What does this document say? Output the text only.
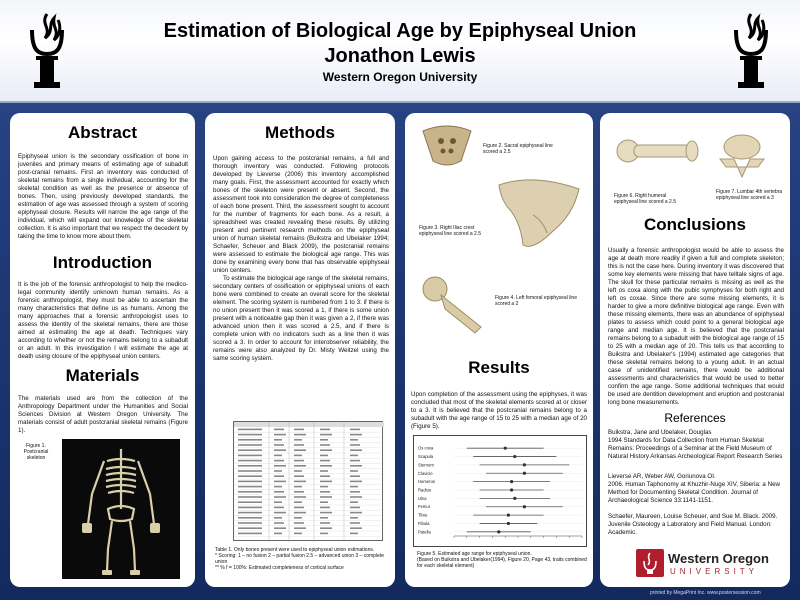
Estimation of Biological Age by Epiphyseal Union
Jonathon Lewis
Western Oregon University
Abstract
Epiphyseal union is the secondary ossification of bone in juveniles and primary means of estimating age of subadult post-cranial remains. First an inventory was conducted of skeletal remains from a single individual, accounting for the skeletal condition as well as the presence or absence of bones. Then, using previously developed standards, the estimation of age was assessed through a system of scoring epiphyseal closure. Results will narrow the age range of the individual, which will expand our knowledge of the skeletal collection. It is also important that we respect the decedent by taking the time to know more about them.
Introduction
It is the job of the forensic anthropologist to help the medico-legal community identify unknown human remains. As a forensic anthropologist, they must be able to ascertain the many characteristics that define us as humans. Among the many approaches that a forensic anthropologist uses to assess the identity of the skeletal remains, there are those aimed at estimating the age at death. Techniques vary according to whether or not the remains belong to a subadult or an adult. In this investigation I will estimate the age at death using closure of the epiphyseal union centers.
Materials
The materials used are from the collection of the Anthropology Department under the Humanities and Social Sciences Division at Western Oregon University. The materials consist of adult postcranial skeletal remains (Figure 1).
Figure 1. Postcranial skeleton
Methods
Upon gaining access to the postcranial remains, a full and thorough inventory was conducted. Following protocols developed by Lieverse (2006) this inventory accomplished many goals. First, the assessment accounted for exactly which bones of the skeleton were present or absent. Second, the assessment took into consideration the degree of completeness of each bone present. Third, the assessment sought to account for the number of fragments for each bone. As a result, a spreadsheet was created revealing these results. By utilizing present and pertinent research methods on the epiphyseal union of human skeletal remains (Buikstra and Ubelaker 1994; Schaefer, Scheuer and Black 2009), the postcranial remains were assessed to estimate the biological age range. This was done by examining every bone that has observable epiphyseal union centers.
To estimate the biological age range of the skeletal remains, secondary centers of ossification or epiphyseal unions of each bone were combined to create an overall score for the skeletal element. The scoring system is numbered from 1 to 3: if there is no union present then it was scored a 1, if there is some union present with a noticeable gap then it was given a 2, if there was advanced union then it was scored a 2.5, and if there is complete union with no indicators such as a line then it was scored a 3. In order to account for interobserver reliability, the remains were also analyzed by Dr. Misty Weitzel using the same scoring system.
Table 1. Only bones present were used to epiphyseal union estimations.
* Scoring: 1 – no fusion 2 – partial fusion 2.5 – advanced union 3 – complete union
** % f = 100%: Estimated completeness of cortical surface
Figure 2. Sacral epiphyseal line scored a 2.5
Figure 3. Right Iliac crest epiphyseal line scored a 2.5
Figure 4. Left femoral epiphyseal line scored a 2
Results
Upon completion of the assessment using the epiphyses, it was concluded that most of the skeletal elements scored at or closer to a 3. It is believed that the postcranial remains belong to a subadult with the age range of 15 to 25 with a median age of 20 (Figure 5).
Os coxa
Scapula
Sternum
Clavicle
Humerus
Radius
Ulna
Femur
Tibia
Fibula
Patella
Figure 5. Estimated age range for epiphyseal union.
(Based on Buikstra and Ubelaker(1994), Figure 20, Page 43, traits combined for each skeletal element)
Figure 6. Right humeral epiphyseal line scored a 2.5
Figure 7. Lumbar 4th vertebra epiphyseal line scored a 3
Conclusions
Usually a forensic anthropologist would be able to assess the age at death more readily if given a full and complete skeleton; this is not the case here. During inventory it was discovered that some key elements were missing that have telltale signs of age. The skull for these particular remains is missing as well as the left os coxa along with the pubic symphyses for both right and left os coxae. Since there are some missing elements, it is harder to give a more definitive biological age range. Even with these missing elements, there was an abundance of epiphyseal plates to assess which could point to a general biological age range and median age. It is believed that the postcranial remains belong to a subadult with the biological age range of 15 to 25 with a median age of 20. This tells us that according to Buikstra and Ubelaker's (1994) estimated age categories that these skeletal remains belong to a young adult. In an actual case of unidentified remains, there would be additional assessments and characteristics that would be used to better confirm the age range. Some additional techniques that would be used are dentition development and eruption and postcranial long bone measurements.
References
Buikstra, Jane and Ubelaker, Douglas
1994 Standards for Data Collection from Human Skeletal Remains: Proceedings of a Seminar at the Field Museum of Natural History Arkansas Archeological Report Research Series
Lieverse AR, Weber AW, Goriunova OI.
2006. Human Taphonomy at Khuzhir-Nuge XIV, Siberia: a New Method for Documenting Skeletal Condition. Journal of Archaeological Science 33:1141-1151.
Schaefer, Maureen, Louise Scheuer, and Sue M. Black. 2009. Juvenile Osteology a Laboratory and Field Manual. London: Academic.
Western Oregon
UNIVERSITY
printed by MegaPrint Inc. www.postersession.com
